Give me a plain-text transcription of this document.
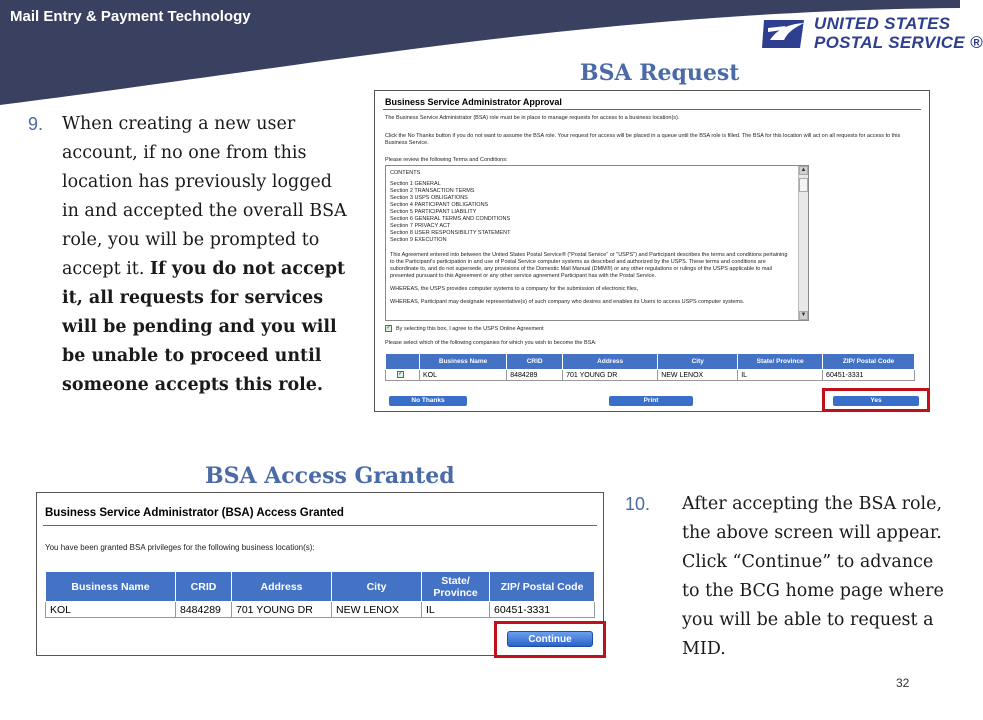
Mail Entry & Payment Technology	UNITED STATES
POSTAL SERVICE ®
BSA Request
BSA Access Granted
9. When creating a new user account, if no one from this location has previously logged in and accepted the overall BSA role, you will be prompted to accept it. If you do not accept it, all requests for services will be pending and you will be unable to proceed until someone accepts this role.
Business Service Administrator Approval
The Business Service Administrator (BSA) role must be in place to manage requests for access to a business location(s).
Click the No Thanks button if you do not want to assume the BSA role. Your request for access will be placed in a queue until the BSA role is filled. The BSA for this location will act on all requests for access to this Business Service.
Please review the following Terms and Conditions:
CONTENTS
Section 1 GENERAL
Section 2 TRANSACTION TERMS
Section 3 USPS OBLIGATIONS
Section 4 PARTICIPANT OBLIGATIONS
Section 5 PARTICIPANT LIABILITY
Section 6 GENERAL TERMS AND CONDITIONS
Section 7 PRIVACY ACT
Section 8 USER RESPONSIBILITY STATEMENT
Section 9 EXECUTION
This Agreement entered into between the United States Postal Service® ("Postal Service" or "USPS") and Participant describes the terms and conditions pertaining to the Participant's participation in and use of Postal Service computer systems as described and authorized by the USPS. These terms and conditions are subordinate to, and do not supersede, any provisions of the Domestic Mail Manual (DMM®) or any other regulations or rulings of the USPS applicable to mail presented pursuant to this Agreement or any other service agreement Participant has with the Postal Service.
WHEREAS, the USPS provides computer systems to a company for the submission of electronic files,
WHEREAS, Participant may designate representative(s) of such company who desires and enables its Users to access USPS computer systems.
▲
▼
✓ By selecting this box, I agree to the USPS Online Agreement
Please select which of the following companies for which you wish to become the BSA:
	Business Name	CRID	Address	City	State/ Province	ZIP/ Postal Code
✓	KOL	8484289	701 YOUNG DR	NEW LENOX	IL	60451-3331
No Thanks	Print	Yes
Business Service Administrator (BSA) Access Granted
You have been granted BSA privileges for the following business location(s):
Business Name	CRID	Address	City	State/ Province	ZIP/ Postal Code
KOL	8484289	701 YOUNG DR	NEW LENOX	IL	60451-3331
Continue
10. After accepting the BSA role, the above screen will appear. Click “Continue” to advance to the BCG home page where you will be able to request a MID.
32
